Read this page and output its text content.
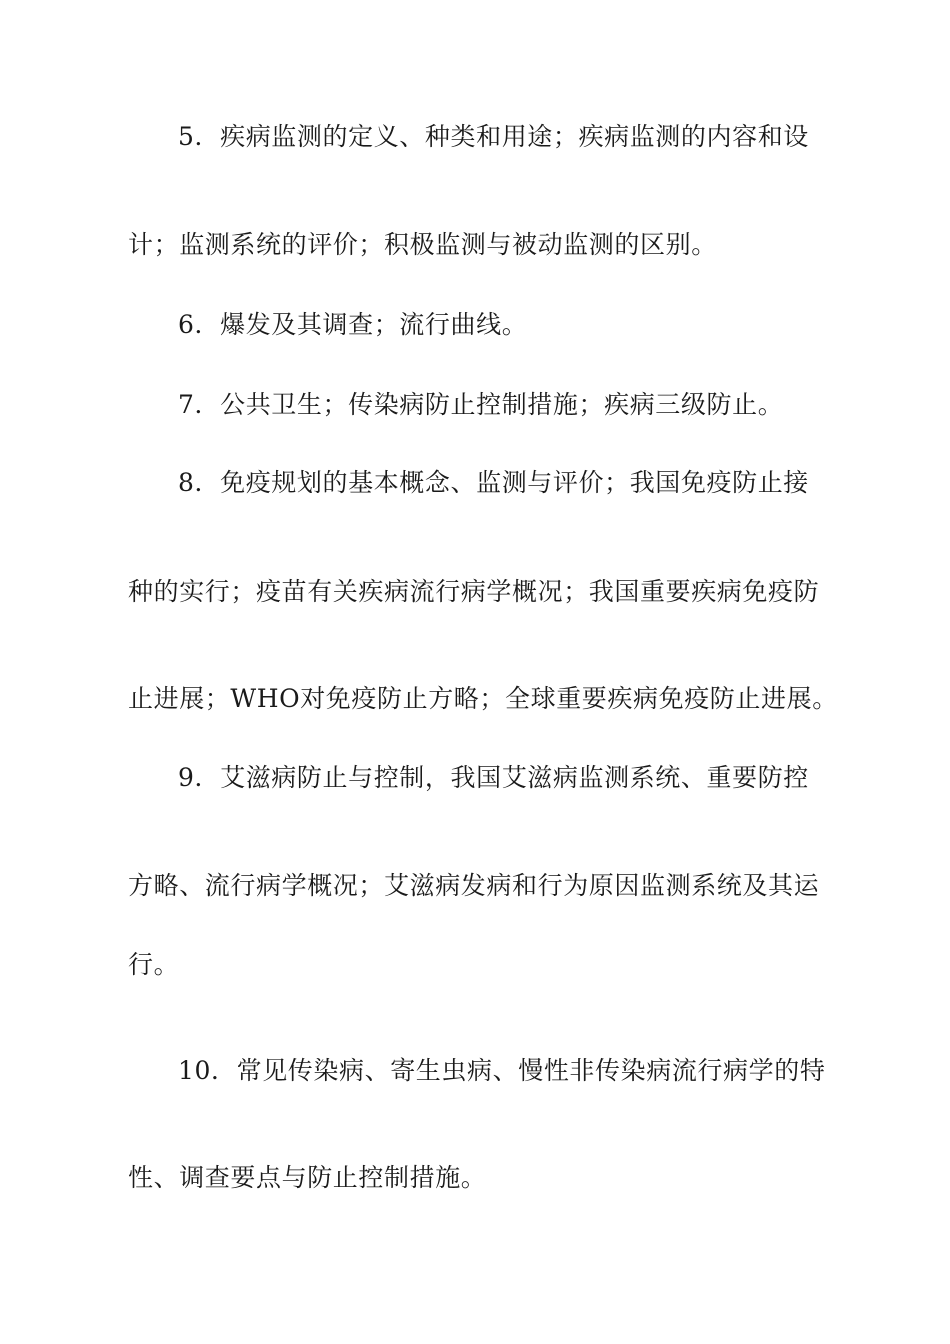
5．疾病监测的定义、种类和用途；疾病监测的内容和设
计；监测系统的评价；积极监测与被动监测的区别。
6．爆发及其调查；流行曲线。
7．公共卫生；传染病防止控制措施；疾病三级防止。
8．免疫规划的基本概念、监测与评价；我国免疫防止接
种的实行；疫苗有关疾病流行病学概况；我国重要疾病免疫防
止进展；WHO对免疫防止方略；全球重要疾病免疫防止进展。
9．艾滋病防止与控制，我国艾滋病监测系统、重要防控
方略、流行病学概况；艾滋病发病和行为原因监测系统及其运
行。
10．常见传染病、寄生虫病、慢性非传染病流行病学的特
性、调查要点与防止控制措施。
